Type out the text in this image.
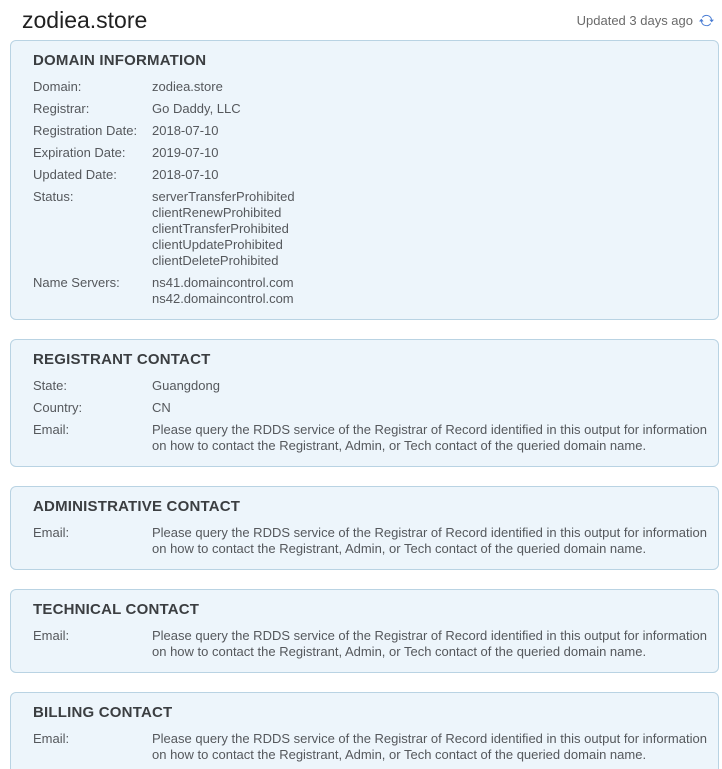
zodiea.store	Updated 3 days ago
DOMAIN INFORMATION
Domain:	zodiea.store
Registrar:	Go Daddy, LLC
Registration Date:	2018-07-10
Expiration Date:	2019-07-10
Updated Date:	2018-07-10
Status:	serverTransferProhibited
clientRenewProhibited
clientTransferProhibited
clientUpdateProhibited
clientDeleteProhibited
Name Servers:	ns41.domaincontrol.com
ns42.domaincontrol.com
REGISTRANT CONTACT
State:	Guangdong
Country:	CN
Email:	Please query the RDDS service of the Registrar of Record identified in this output for information on how to contact the Registrant, Admin, or Tech contact of the queried domain name.
ADMINISTRATIVE CONTACT
Email:	Please query the RDDS service of the Registrar of Record identified in this output for information on how to contact the Registrant, Admin, or Tech contact of the queried domain name.
TECHNICAL CONTACT
Email:	Please query the RDDS service of the Registrar of Record identified in this output for information on how to contact the Registrant, Admin, or Tech contact of the queried domain name.
BILLING CONTACT
Email:	Please query the RDDS service of the Registrar of Record identified in this output for information on how to contact the Registrant, Admin, or Tech contact of the queried domain name.
